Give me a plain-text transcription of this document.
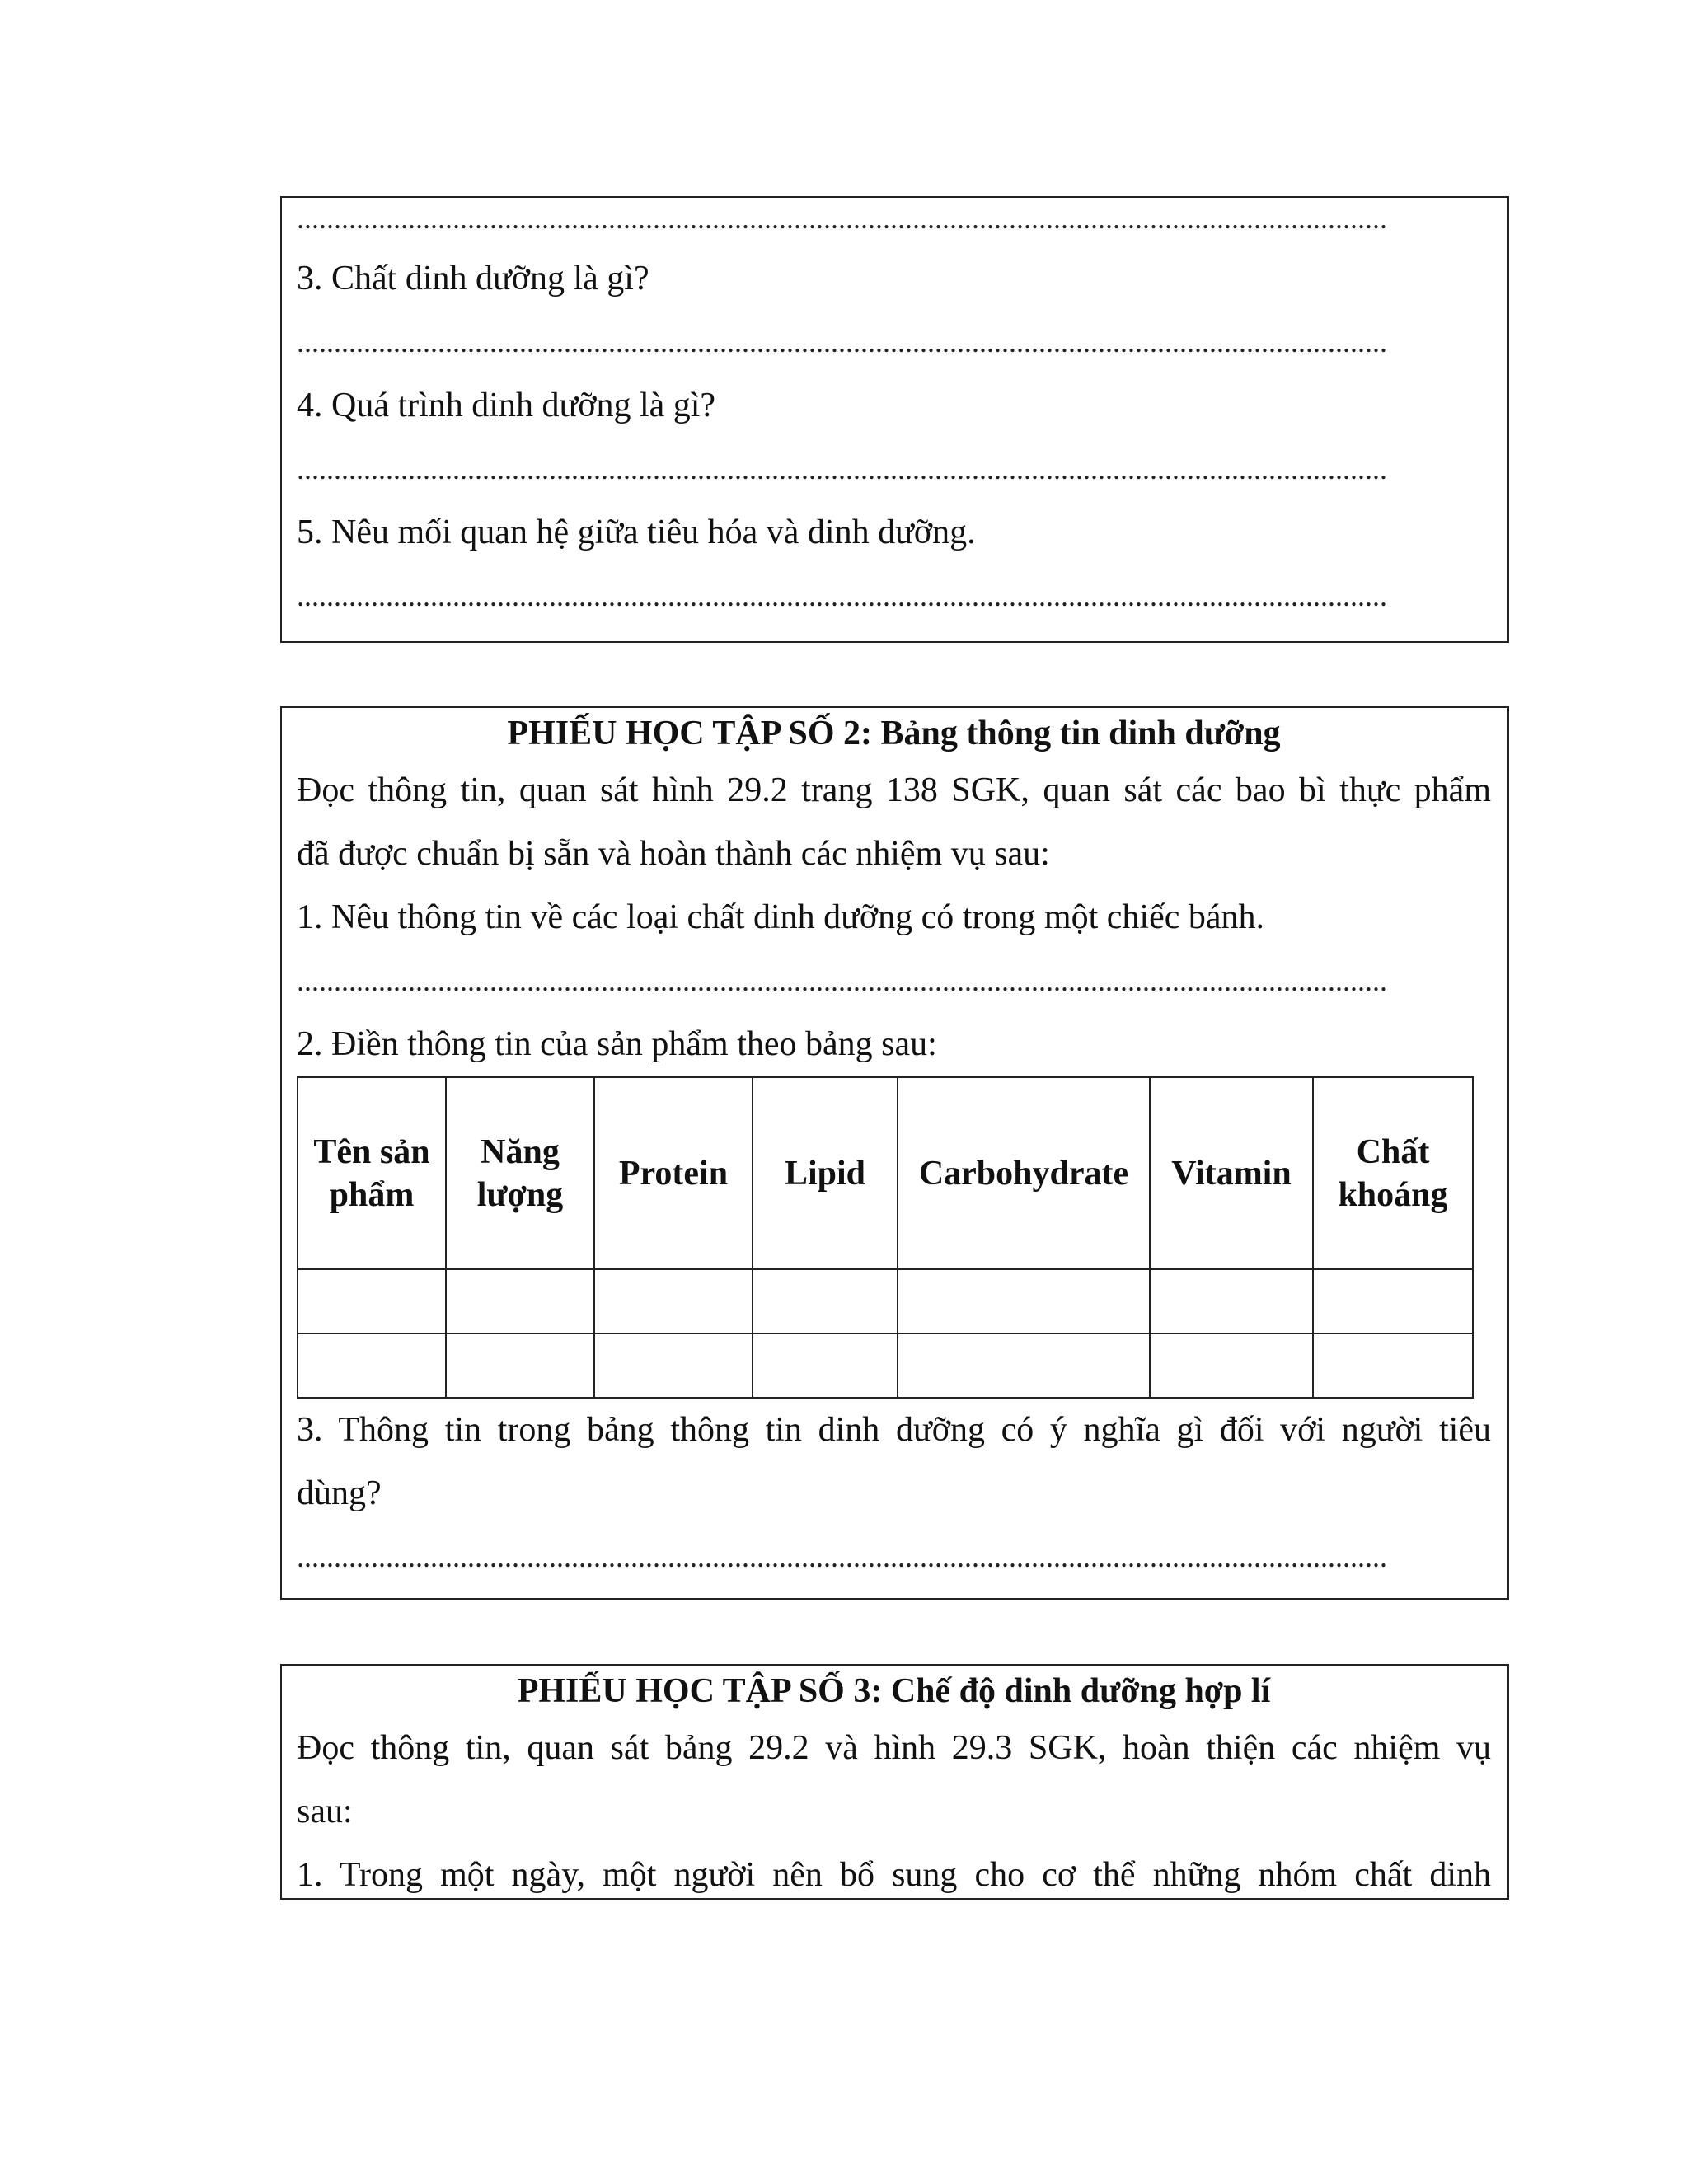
...................................................................................................................................................
3. Chất dinh dưỡng là gì?
...................................................................................................................................................
4. Quá trình dinh dưỡng là gì?
...................................................................................................................................................
5. Nêu mối quan hệ giữa tiêu hóa và dinh dưỡng.
...................................................................................................................................................
PHIẾU HỌC TẬP SỐ 2: Bảng thông tin dinh dưỡng
Đọc thông tin, quan sát hình 29.2 trang 138 SGK, quan sát các bao bì thực phẩm
đã được chuẩn bị sẵn và hoàn thành các nhiệm vụ sau:
1. Nêu thông tin về các loại chất dinh dưỡng có trong một chiếc bánh.
...................................................................................................................................................
2. Điền thông tin của sản phẩm theo bảng sau:
Tên sản phẩm	Năng lượng	Protein	Lipid	Carbohydrate	Vitamin	Chất khoáng

3. Thông tin trong bảng thông tin dinh dưỡng có ý nghĩa gì đối với người tiêu
dùng?
...................................................................................................................................................
PHIẾU HỌC TẬP SỐ 3: Chế độ dinh dưỡng hợp lí
Đọc thông tin, quan sát bảng 29.2 và hình 29.3 SGK, hoàn thiện các nhiệm vụ
sau:
1. Trong một ngày, một người nên bổ sung cho cơ thể những nhóm chất dinh
